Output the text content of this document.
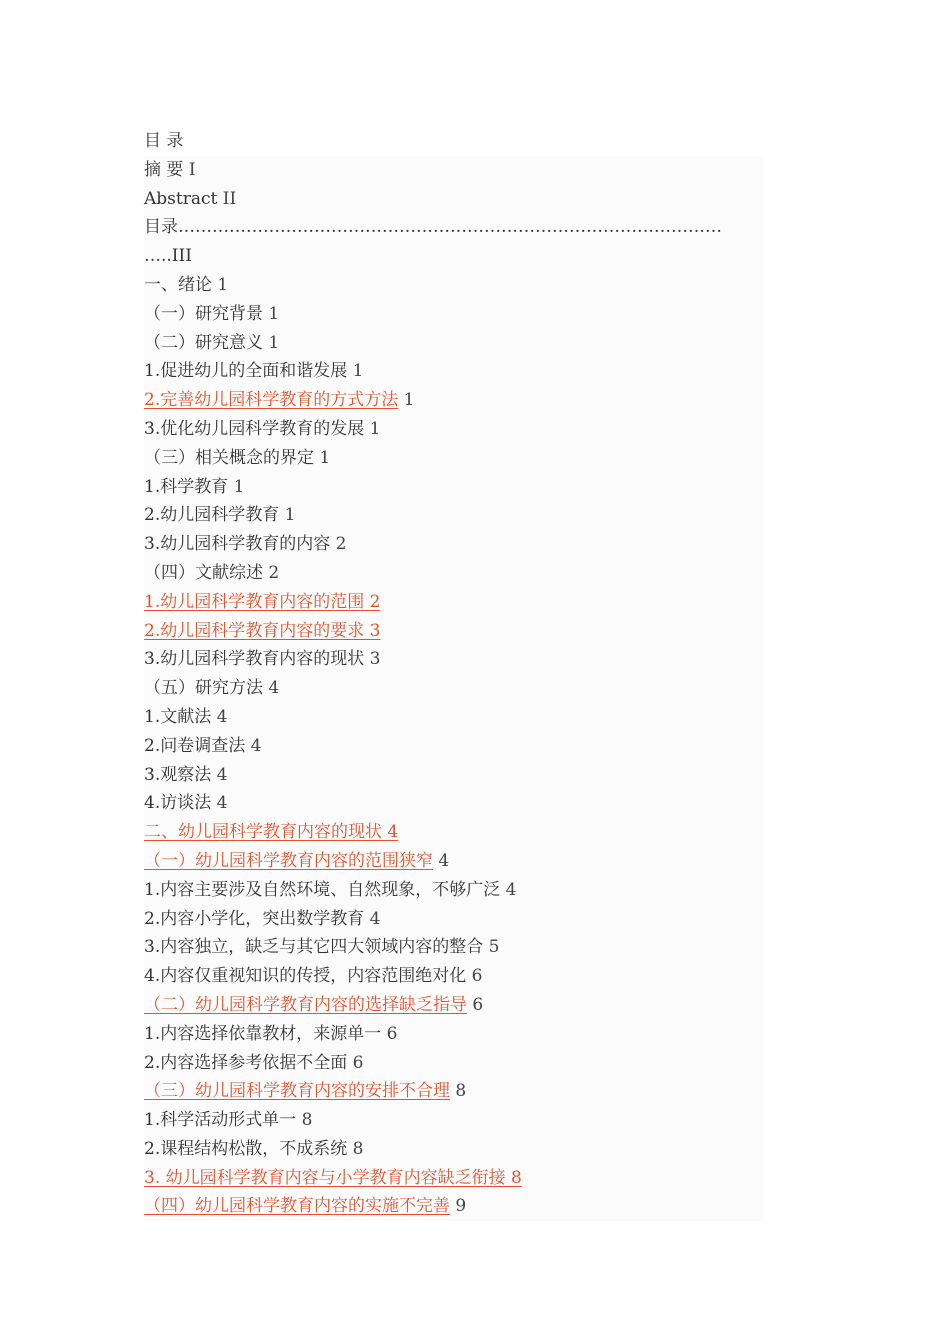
目 录
摘 要 I
Abstract II
目录……………………………………………………………………………………
…..III
一、绪论 1
（一）研究背景 1
（二）研究意义 1
1.促进幼儿的全面和谐发展 1
2.完善幼儿园科学教育的方式方法 1
3.优化幼儿园科学教育的发展 1
（三）相关概念的界定 1
1.科学教育 1
2.幼儿园科学教育 1
3.幼儿园科学教育的内容 2
（四）文献综述 2
1.幼儿园科学教育内容的范围 2
2.幼儿园科学教育内容的要求 3
3.幼儿园科学教育内容的现状 3
（五）研究方法 4
1.文献法 4
2.问卷调查法 4
3.观察法 4
4.访谈法 4
二、幼儿园科学教育内容的现状 4
（一）幼儿园科学教育内容的范围狭窄 4
1.内容主要涉及自然环境、自然现象，不够广泛 4
2.内容小学化，突出数学教育 4
3.内容独立，缺乏与其它四大领域内容的整合 5
4.内容仅重视知识的传授，内容范围绝对化 6
（二）幼儿园科学教育内容的选择缺乏指导 6
1.内容选择依靠教材，来源单一 6
2.内容选择参考依据不全面 6
（三）幼儿园科学教育内容的安排不合理 8
1.科学活动形式单一 8
2.课程结构松散，不成系统 8
3. 幼儿园科学教育内容与小学教育内容缺乏衔接 8
（四）幼儿园科学教育内容的实施不完善 9
